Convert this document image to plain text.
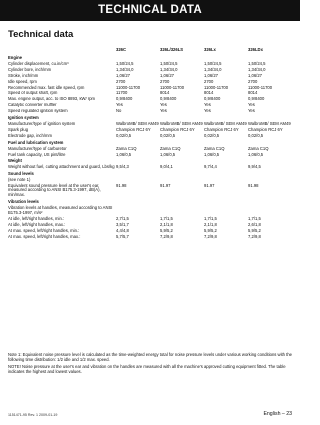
TECHNICAL DATA
Technical data
	326C	326L/326LS	326Lx	326LDx
Engine				
Cylinder displacement, cu.in/cm³	1,50/24,5	1,50/24,5	1,50/24,5	1,50/24,5
Cylinder bore, inch/mm	1,34/34,0	1,34/34,0	1,34/34,0	1,34/34,0
Stroke, inch/mm	1,06/27	1,06/27	1,06/27	1,06/27
Idle speed, rpm	2700	2700	2700	2700
Recommended max. fast idle speed, rpm	11000-11700	11000-11700	11000-11700	11000-11700
Speed of output shaft, rpm	11700	8014	8014	8014
Max. engine output, acc. to ISO 8893, kW/ rpm	0,9/8400	0,9/8400	0,9/8400	0,9/8400
Catalytic converter muffler	Yes	Yes	Yes	Yes
Speed regulated ignition system	No	Yes	Yes	Yes
Ignition system				
Manufacturer/type of ignition system	WalbroMB/ SEM AM49	WalbroMB/ SEM AM49	WalbroMB/ SEM AM49	WalbroMB/ SEM AM49
Spark plug	Champion RCJ 6Y	Champion RCJ 6Y	Champion RCJ 6Y	Champion RCJ 6Y
Electrode gap, inch/mm	0,02/0,5	0,02/0,5	0,02/0,5	0,02/0,5
Fuel and lubrication system				
Manufacturer/type of carburetor	Zama C1Q	Zama C1Q	Zama C1Q	Zama C1Q
Fuel tank capacity, US pint/litre	1,06/0,5	1,06/0,5	1,06/0,5	1,06/0,5
Weight				
Weight without fuel, cutting attachment and guard, Lbs/kg	9,5/4,3	9,0/4,1	9,7/4,4	9,9/4,5
Sound levels				
(see note 1)				
Equivalent sound pressure level at the user's ear, measured according to ANSI B175.3-1997, dB(A), min/max.	91.98	91.97	91.97	91.98
Vibration levels				
Vibration levels at handles, measured according to ANSI B175.3-1997, m/s²				
At idle, left/right handles, min.:	2,7/1,5	1,7/1,5	1,7/1,5	1,7/1,5
At idle, left/right handles, max.:	3,5/1,7	2,1/1,8	2,1/1,8	2,6/1,8
At max. speed, left/right handles, min.:	4,4/4,8	5,9/5,2	5,9/5,2	5,9/5,2
At max. speed, left/right handles, max.:	5,7/5,7	7,2/9,8	7,2/9,8	7,2/9,8

Note 1: Equivalent noise pressure level is calculated as the time-weighted energy total for noise pressure levels under various working conditions with the following time distribution: 1/2 idle and 1/2 max. speed.

NOTE! Noise pressure at the user's ear and vibration on the handles are measured with all the machine's approved cutting equipment fitted. The table indicates the highest and lowest values.

1151471-95 Rev. 1 2009-01-19	English – 23
